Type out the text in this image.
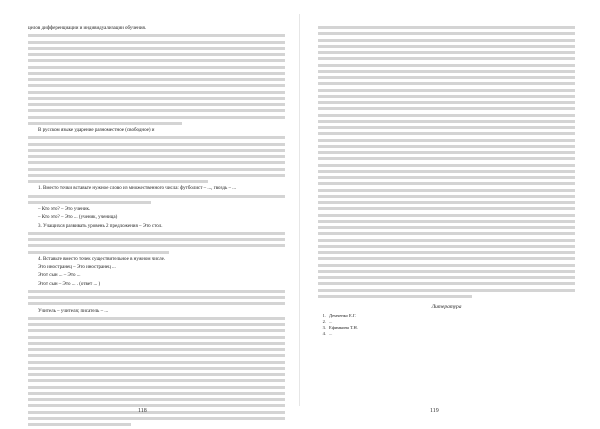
целов дифференциации и индивидуализации обучения.

В русском языке ударение разноместное (свободное) и

1. Вместо точки вставьте нужное слово из множественного числа: футболист – ..., гвоздь – ...

– Кто это? – Это ученик.

– Кто это? – Это ... (ученик, ученица)

3. Учащихся развивать уровень 2 предложения – Это стол.

4. Вставьте вместо точек существительное в нужном числе.

Это иностранец – Это иностранец ...

Этот сын ... – Это ...

Этот сын – Это ... . (ответ ... )

Учитель – учителя; писатель – ...

118
Литература
1. Демченко Е.Г.
2. ...
3. Ефимкина Т.Н.
4. ...
119
